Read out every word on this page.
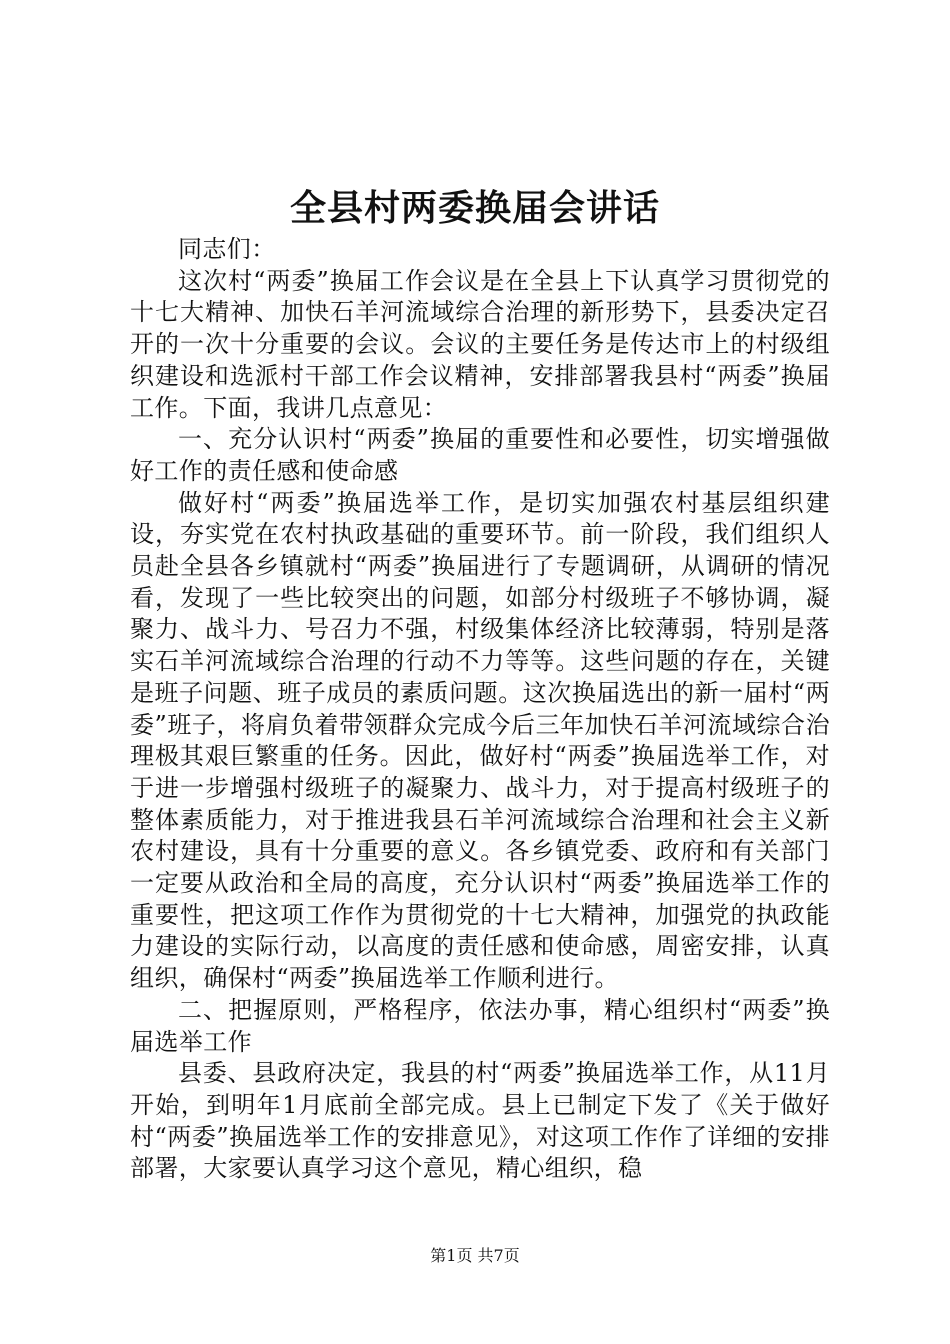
全县村两委换届会讲话

同志们：

这次村“两委”换届工作会议是在全县上下认真学习贯彻党的十七大精神、加快石羊河流域综合治理的新形势下，县委决定召开的一次十分重要的会议。会议的主要任务是传达市上的村级组织建设和选派村干部工作会议精神，安排部署我县村“两委”换届工作。下面，我讲几点意见：

一、充分认识村“两委”换届的重要性和必要性，切实增强做好工作的责任感和使命感

做好村“两委”换届选举工作，是切实加强农村基层组织建设，夯实党在农村执政基础的重要环节。前一阶段，我们组织人员赴全县各乡镇就村“两委”换届进行了专题调研，从调研的情况看，发现了一些比较突出的问题，如部分村级班子不够协调，凝聚力、战斗力、号召力不强，村级集体经济比较薄弱，特别是落实石羊河流域综合治理的行动不力等等。这些问题的存在，关键是班子问题、班子成员的素质问题。这次换届选出的新一届村“两委”班子，将肩负着带领群众完成今后三年加快石羊河流域综合治理极其艰巨繁重的任务。因此，做好村“两委”换届选举工作，对于进一步增强村级班子的凝聚力、战斗力，对于提高村级班子的整体素质能力，对于推进我县石羊河流域综合治理和社会主义新农村建设，具有十分重要的意义。各乡镇党委、政府和有关部门一定要从政治和全局的高度，充分认识村“两委”换届选举工作的重要性，把这项工作作为贯彻党的十七大精神，加强党的执政能力建设的实际行动，以高度的责任感和使命感，周密安排，认真组织，确保村“两委”换届选举工作顺利进行。

二、把握原则，严格程序，依法办事，精心组织村“两委”换届选举工作

县委、县政府决定，我县的村“两委”换届选举工作，从11月开始，到明年1月底前全部完成。县上已制定下发了《关于做好村“两委”换届选举工作的安排意见》，对这项工作作了详细的安排部署，大家要认真学习这个意见，精心组织，稳

第1页 共7页
